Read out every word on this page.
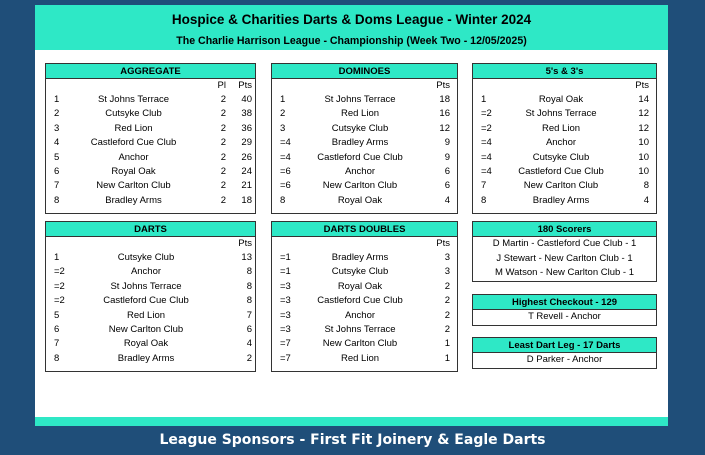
Hospice & Charities Darts & Doms League - Winter 2024
The Charlie Harrison League - Championship (Week Two - 12/05/2025)
AGGREGATE
Pl	Pts
1	St Johns Terrace	2	40
2	Cutsyke Club	2	38
3	Red Lion	2	36
4	Castleford Cue Club	2	29
5	Anchor	2	26
6	Royal Oak	2	24
7	New Carlton Club	2	21
8	Bradley Arms	2	18
DOMINOES
Pts
1	St Johns Terrace	18
2	Red Lion	16
3	Cutsyke Club	12
=4	Bradley Arms	9
=4	Castleford Cue Club	9
=6	Anchor	6
=6	New Carlton Club	6
8	Royal Oak	4
5's & 3's
Pts
1	Royal Oak	14
=2	St Johns Terrace	12
=2	Red Lion	12
=4	Anchor	10
=4	Cutsyke Club	10
=4	Castleford Cue Club	10
7	New Carlton Club	8
8	Bradley Arms	4
DARTS
Pts
1	Cutsyke Club	13
=2	Anchor	8
=2	St Johns Terrace	8
=2	Castleford Cue Club	8
5	Red Lion	7
6	New Carlton Club	6
7	Royal Oak	4
8	Bradley Arms	2
DARTS DOUBLES
Pts
=1	Bradley Arms	3
=1	Cutsyke Club	3
=3	Royal Oak	2
=3	Castleford Cue Club	2
=3	Anchor	2
=3	St Johns Terrace	2
=7	New Carlton Club	1
=7	Red Lion	1
180 Scorers
D Martin - Castleford Cue Club - 1
J Stewart - New Carlton Club - 1
M Watson - New Carlton Club - 1
Highest Checkout - 129
T Revell - Anchor
Least Dart Leg - 17 Darts
D Parker - Anchor
League Sponsors - First Fit Joinery & Eagle Darts
